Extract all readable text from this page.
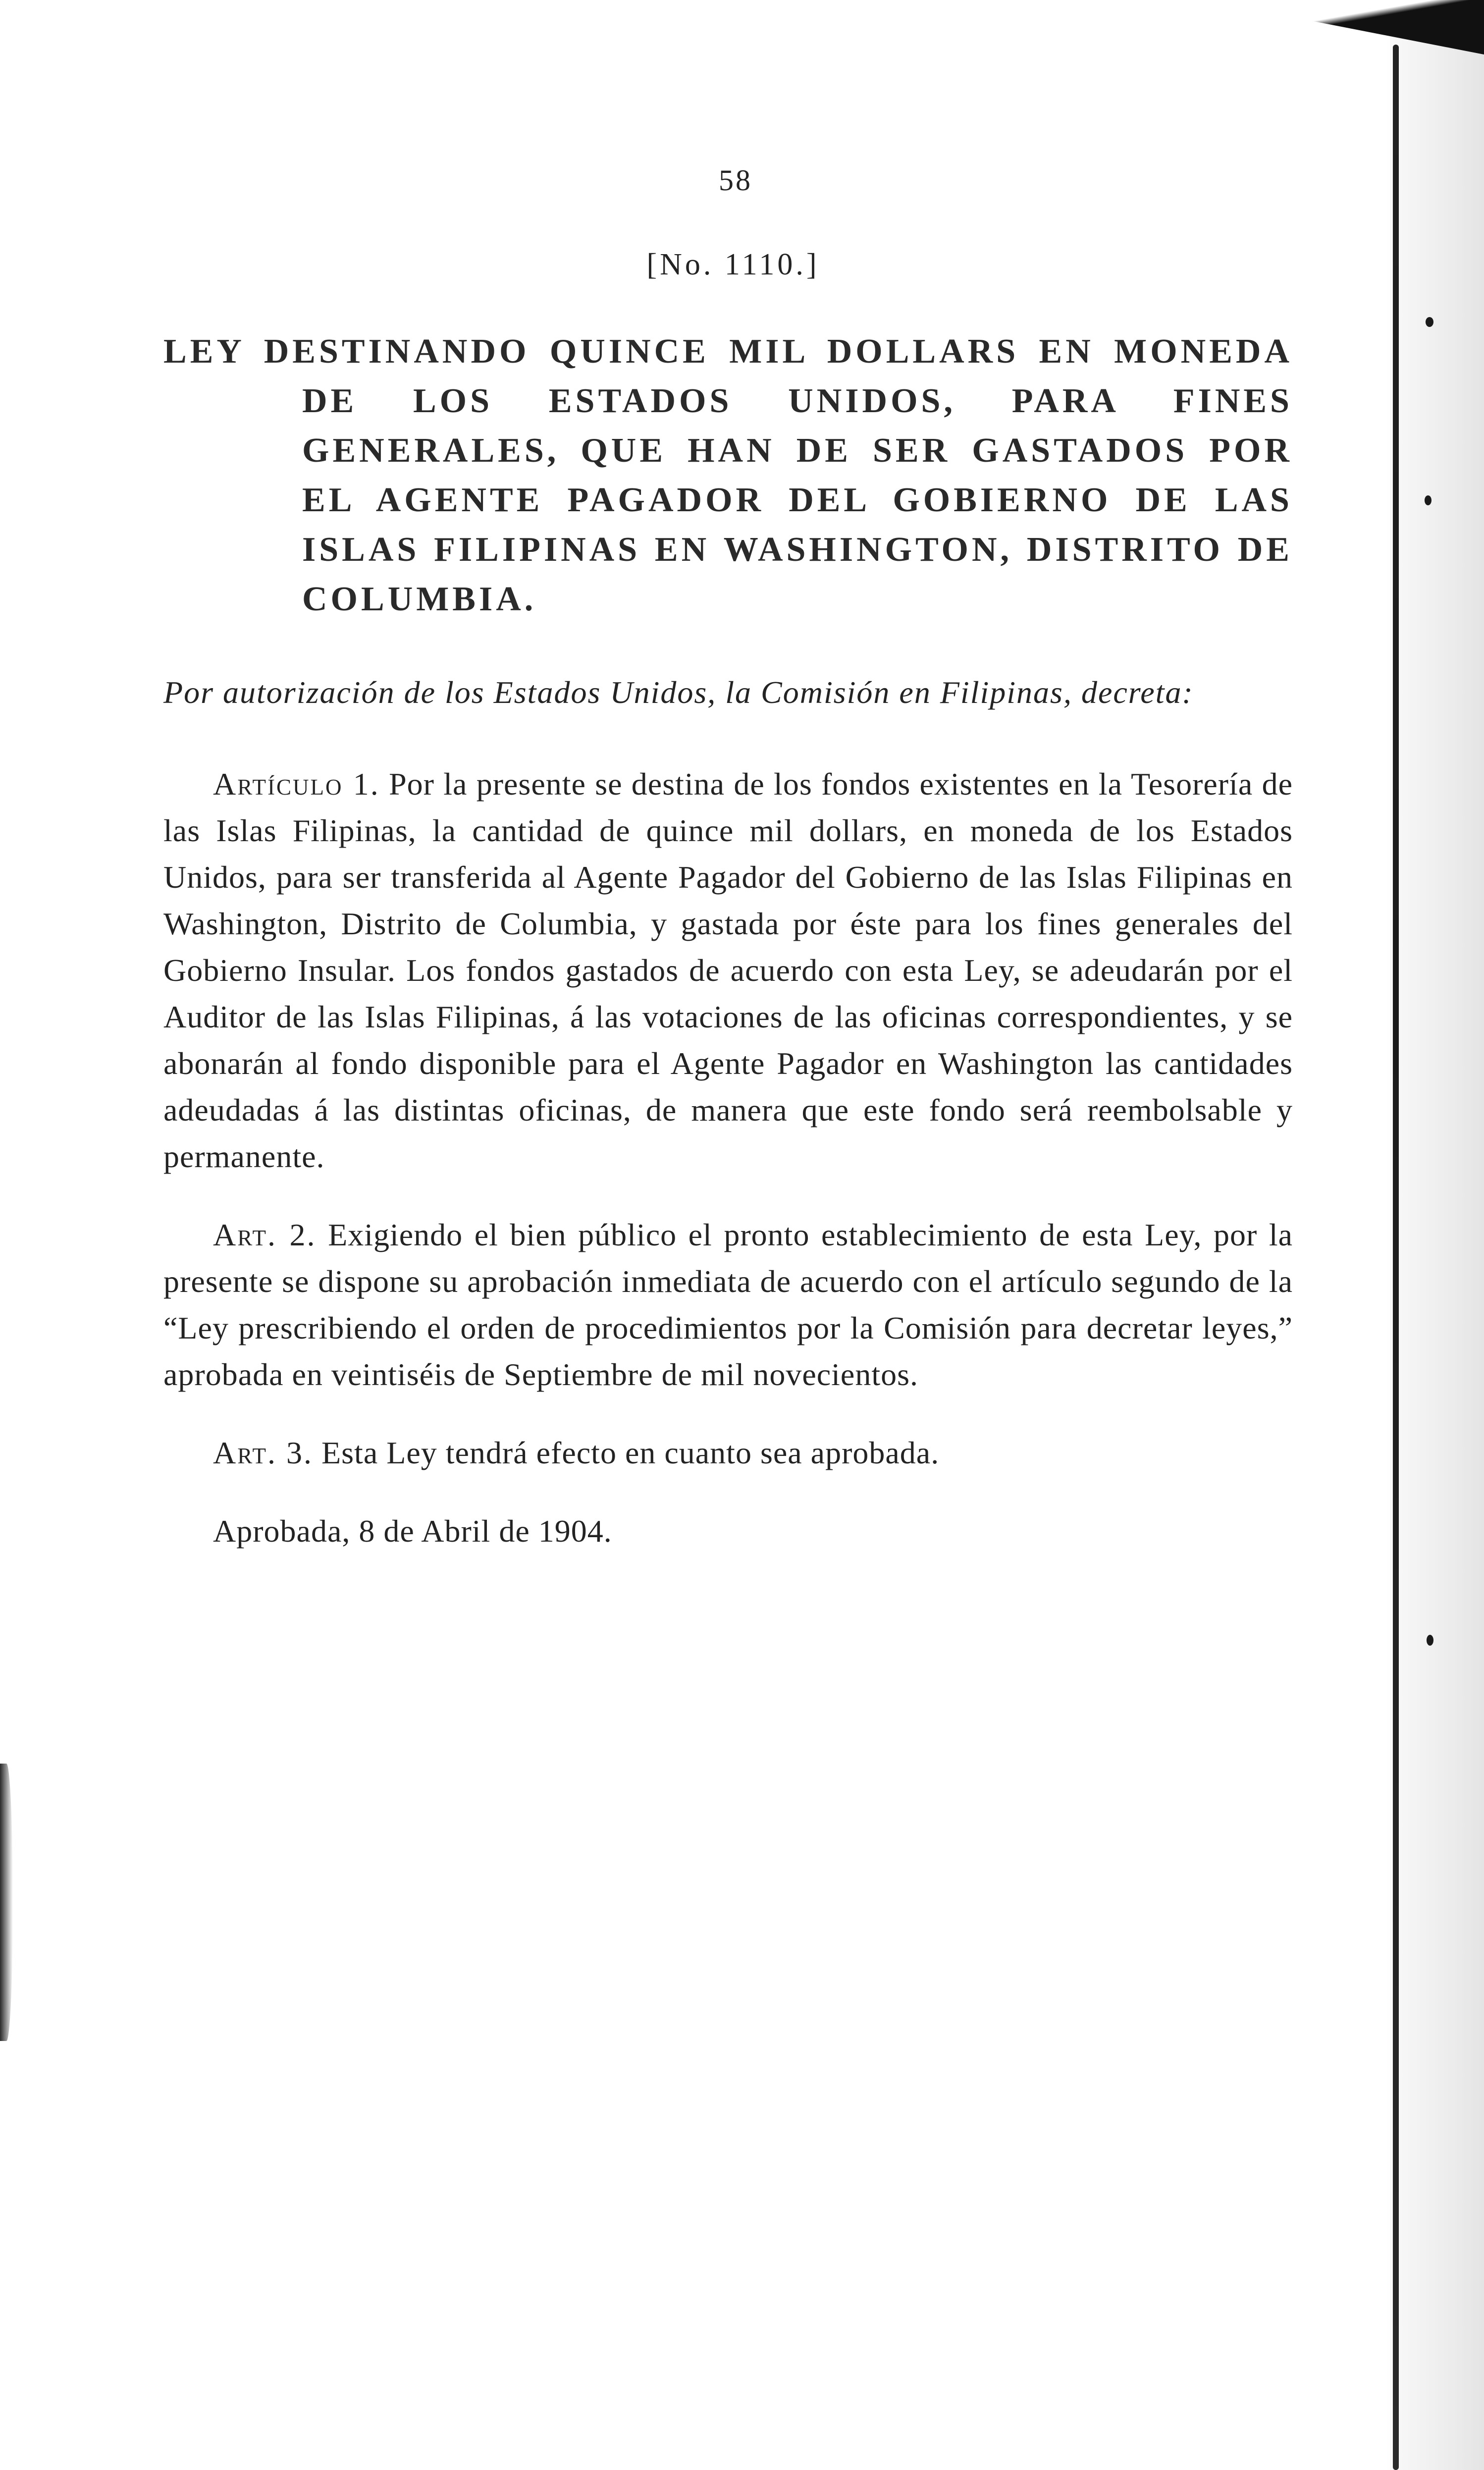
58
[No. 1110.]
LEY DESTINANDO QUINCE MIL DOLLARS EN MONEDA DE LOS ESTADOS UNIDOS, PARA FINES GENERALES, QUE HAN DE SER GASTADOS POR EL AGENTE PAGADOR DEL GOBIERNO DE LAS ISLAS FILIPINAS EN WASHINGTON, DISTRITO DE COLUMBIA.
Por autorización de los Estados Unidos, la Comisión en Filipinas, decreta:

Artículo 1. Por la presente se destina de los fondos existentes en la Tesorería de las Islas Filipinas, la cantidad de quince mil dollars, en moneda de los Estados Unidos, para ser transferida al Agente Pagador del Gobierno de las Islas Filipinas en Washington, Distrito de Columbia, y gastada por éste para los fines generales del Gobierno Insular. Los fondos gastados de acuerdo con esta Ley, se adeudarán por el Auditor de las Islas Filipinas, á las votaciones de las oficinas correspondientes, y se abonarán al fondo disponible para el Agente Pagador en Washington las cantidades adeudadas á las distintas oficinas, de manera que este fondo será reembolsable y permanente.

Art. 2. Exigiendo el bien público el pronto establecimiento de esta Ley, por la presente se dispone su aprobación inmediata de acuerdo con el artículo segundo de la “Ley prescribiendo el orden de procedimientos por la Comisión para decretar leyes,” aprobada en veintiséis de Septiembre de mil novecientos.

Art. 3. Esta Ley tendrá efecto en cuanto sea aprobada.

Aprobada, 8 de Abril de 1904.
